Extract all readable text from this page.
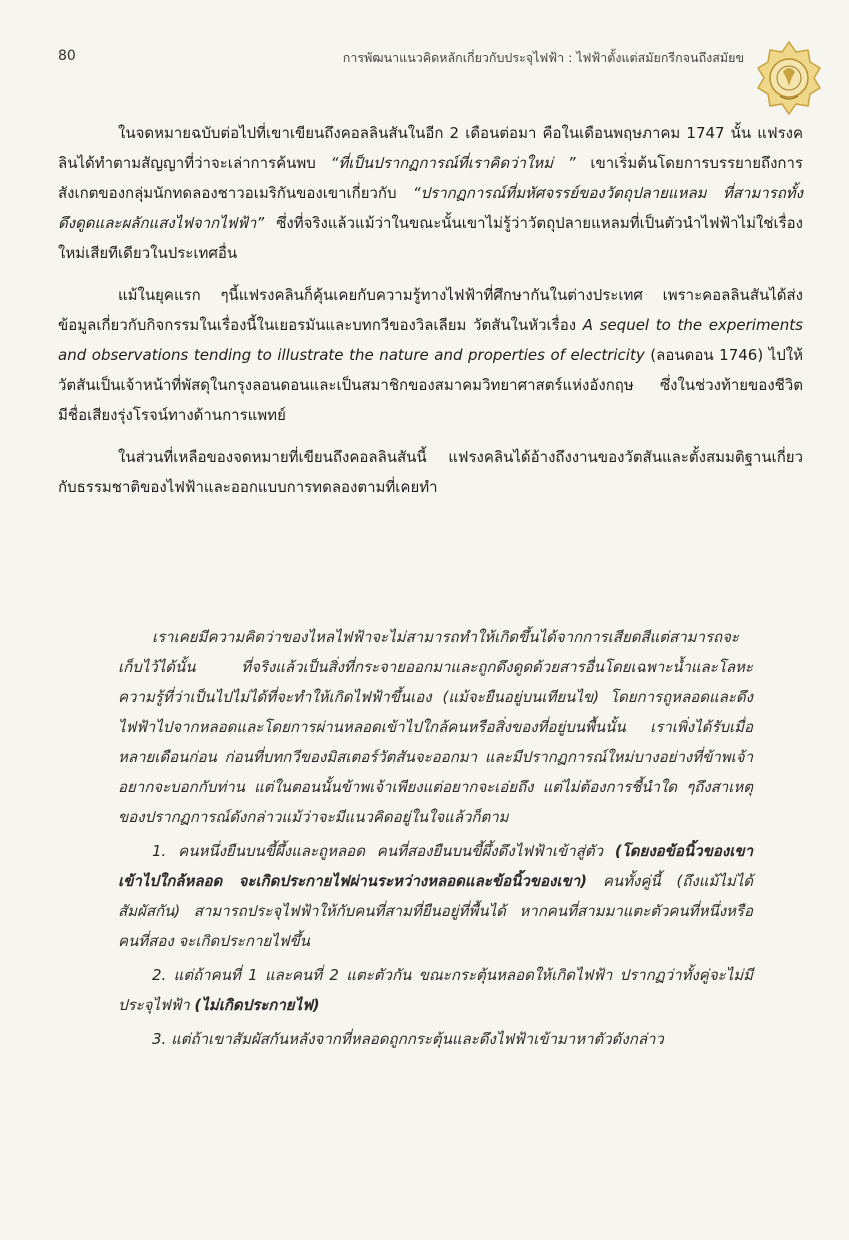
80	การพัฒนาแนวคิดหลักเกี่ยวกับประจุไฟฟ้า : ไฟฟ้าตั้งแต่สมัยกรีกจนถึงสมัยข

ในจดหมายฉบับต่อไปที่เขาเขียนถึงคอลลินสันในอีก 2 เดือนต่อมา คือในเดือนพฤษภาคม 1747 นั้น แฟรงคลินได้ทำตามสัญญาที่ว่าจะเล่าการค้นพบ “ที่เป็นปรากฏการณ์ที่เราคิดว่าใหม่ ” เขาเริ่มต้นโดยการบรรยายถึงการสังเกตของกลุ่มนักทดลองชาวอเมริกันของเขาเกี่ยวกับ “ปรากฏการณ์ที่มหัศจรรย์ของวัตถุปลายแหลม ที่สามารถทั้งดึงดูดและผลักแสงไฟจากไฟฟ้า” ซึ่งที่จริงแล้วแม้ว่าในขณะนั้นเขาไม่รู้ว่าวัตถุปลายแหลมที่เป็นตัวนำไฟฟ้าไม่ใช่เรื่องใหม่เสียทีเดียวในประเทศอื่น

แม้ในยุคแรก ๆนี้แฟรงคลินก็คุ้นเคยกับความรู้ทางไฟฟ้าที่ศึกษากันในต่างประเทศ เพราะคอลลินสันได้ส่งข้อมูลเกี่ยวกับกิจกรรมในเรื่องนี้ในเยอรมันและบทกวีของวิลเลียม วัตสันในหัวเรื่อง A sequel to the experiments and observations tending to illustrate the nature and properties of electricity (ลอนดอน 1746) ไปให้ วัตสันเป็นเจ้าหน้าที่พัสดุในกรุงลอนดอนและเป็นสมาชิกของสมาคมวิทยาศาสตร์แห่งอังกฤษ ซึ่งในช่วงท้ายของชีวิตมีชื่อเสียงรุ่งโรจน์ทางด้านการแพทย์

ในส่วนที่เหลือของจดหมายที่เขียนถึงคอลลินสันนี้ แฟรงคลินได้อ้างถึงงานของวัตสันและตั้งสมมติฐานเกี่ยวกับธรรมชาติของไฟฟ้าและออกแบบการทดลองตามที่เคยทำ

เราเคยมีความคิดว่าของไหลไฟฟ้าจะไม่สามารถทำให้เกิดขึ้นได้จากการเสียดสีแต่สามารถจะเก็บไว้ได้นั้น ที่จริงแล้วเป็นสิ่งที่กระจายออกมาและถูกดึงดูดด้วยสารอื่นโดยเฉพาะน้ำและโลหะ ความรู้ที่ว่าเป็นไปไม่ได้ที่จะทำให้เกิดไฟฟ้าขึ้นเอง (แม้จะยืนอยู่บนเทียนไข) โดยการถูหลอดและดึงไฟฟ้าไปจากหลอดและโดยการผ่านหลอดเข้าไปใกล้คนหรือสิ่งของที่อยู่บนพื้นนั้น เราเพิ่งได้รับเมื่อหลายเดือนก่อน ก่อนที่บทกวีของมิสเตอร์วัตสันจะออกมา และมีปรากฏการณ์ใหม่บางอย่างที่ข้าพเจ้าอยากจะบอกกับท่าน แต่ในตอนนั้นข้าพเจ้าเพียงแต่อยากจะเอ่ยถึง แต่ไม่ต้องการชี้นำใด ๆถึงสาเหตุของปรากฏการณ์ดังกล่าวแม้ว่าจะมีแนวคิดอยู่ในใจแล้วก็ตาม

1. คนหนึ่งยืนบนขี้ผึ้งและถูหลอด คนที่สองยืนบนขี้ผึ้งดึงไฟฟ้าเข้าสู่ตัว (โดยงอข้อนิ้วของเขาเข้าไปใกล้หลอด จะเกิดประกายไฟผ่านระหว่างหลอดและข้อนิ้วของเขา) คนทั้งคู่นี้ (ถึงแม้ไม่ได้สัมผัสกัน) สามารถประจุไฟฟ้าให้กับคนที่สามที่ยืนอยู่ที่พื้นได้ หากคนที่สามมาแตะตัวคนที่หนึ่งหรือคนที่สอง จะเกิดประกายไฟขึ้น

2. แต่ถ้าคนที่ 1 และคนที่ 2 แตะตัวกัน ขณะกระตุ้นหลอดให้เกิดไฟฟ้า ปรากฏว่าทั้งคู่จะไม่มีประจุไฟฟ้า (ไม่เกิดประกายไฟ)

3. แต่ถ้าเขาสัมผัสกันหลังจากที่หลอดถูกกระตุ้นและดึงไฟฟ้าเข้ามาหาตัวดังกล่าว
